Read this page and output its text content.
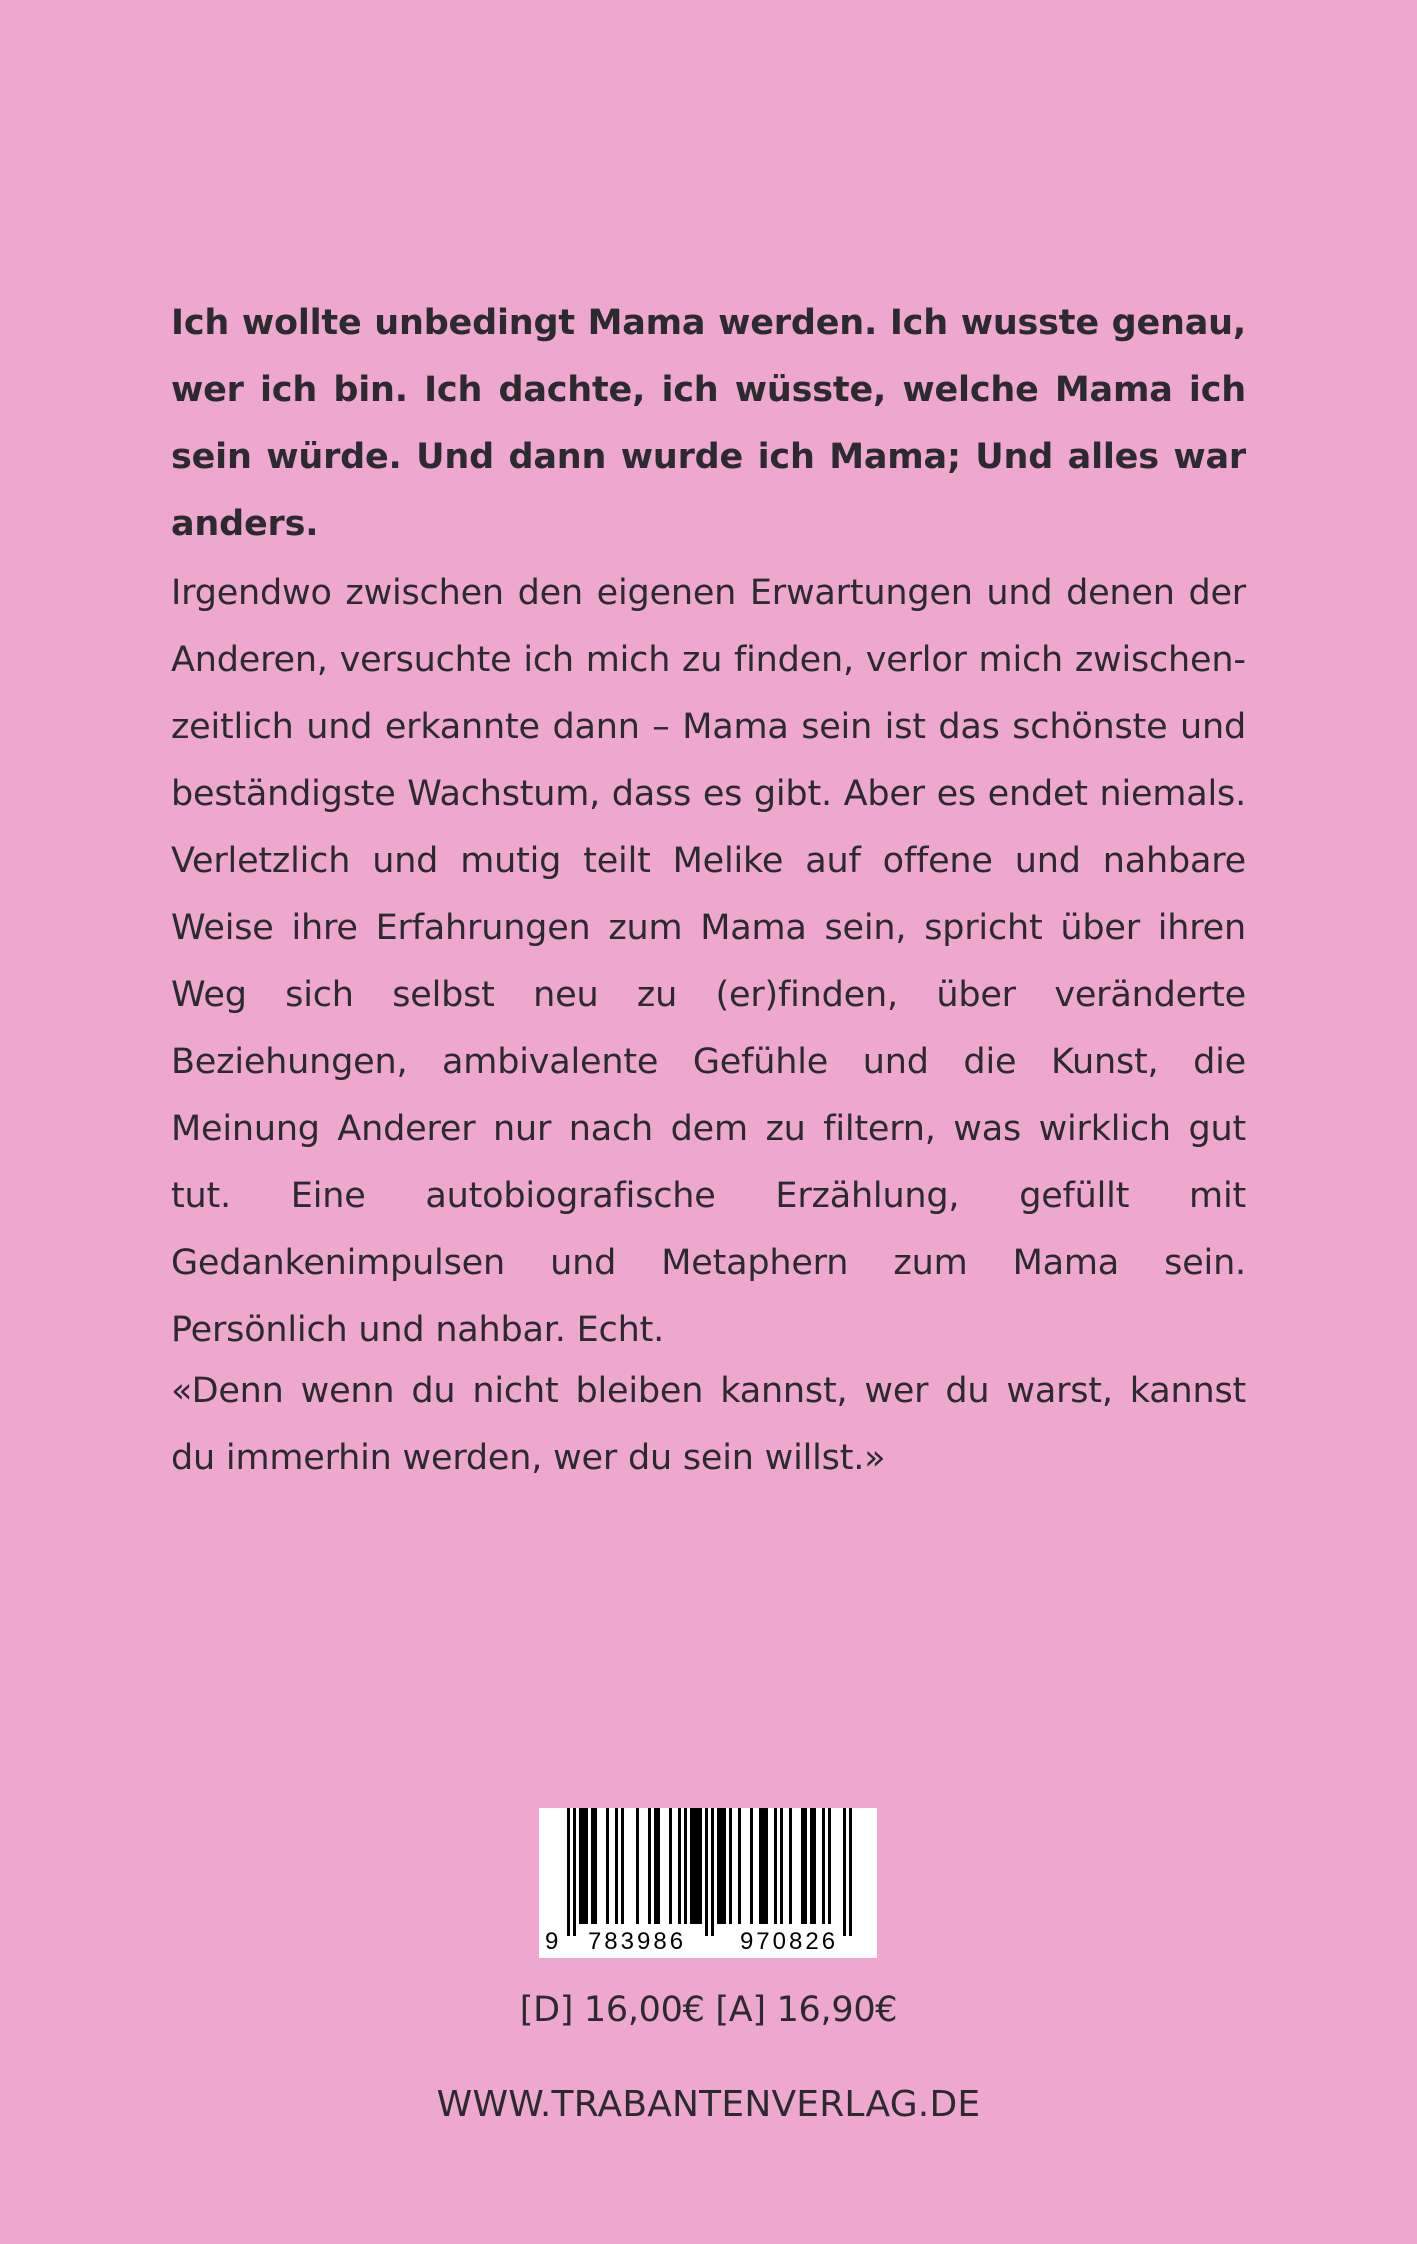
Ich wollte unbedingt Mama werden. Ich wusste genau, wer ich bin. Ich dachte, ich wüsste, welche Mama ich sein würde. Und dann wurde ich Mama; Und alles war anders.

Irgendwo zwischen den eigenen Erwartungen und denen der Anderen, versuchte ich mich zu finden, verlor mich zwischenzeitlich und erkannte dann – Mama sein ist das schönste und beständigste Wachstum, dass es gibt. Aber es endet niemals. Verletzlich und mutig teilt Melike auf offene und nahbare Weise ihre Erfahrungen zum Mama sein, spricht über ihren Weg sich selbst neu zu (er)finden, über veränderte Beziehungen, ambivalente Gefühle und die Kunst, die Meinung Anderer nur nach dem zu filtern, was wirklich gut tut. Eine autobiografische Erzählung, gefüllt mit Gedankenimpulsen und Metaphern zum Mama sein. Persönlich und nahbar. Echt.

«Denn wenn du nicht bleiben kannst, wer du warst, kannst du immerhin werden, wer du sein willst.»

9 783986 970826
[D] 16,00€ [A] 16,90€
WWW.TRABANTENVERLAG.DE
